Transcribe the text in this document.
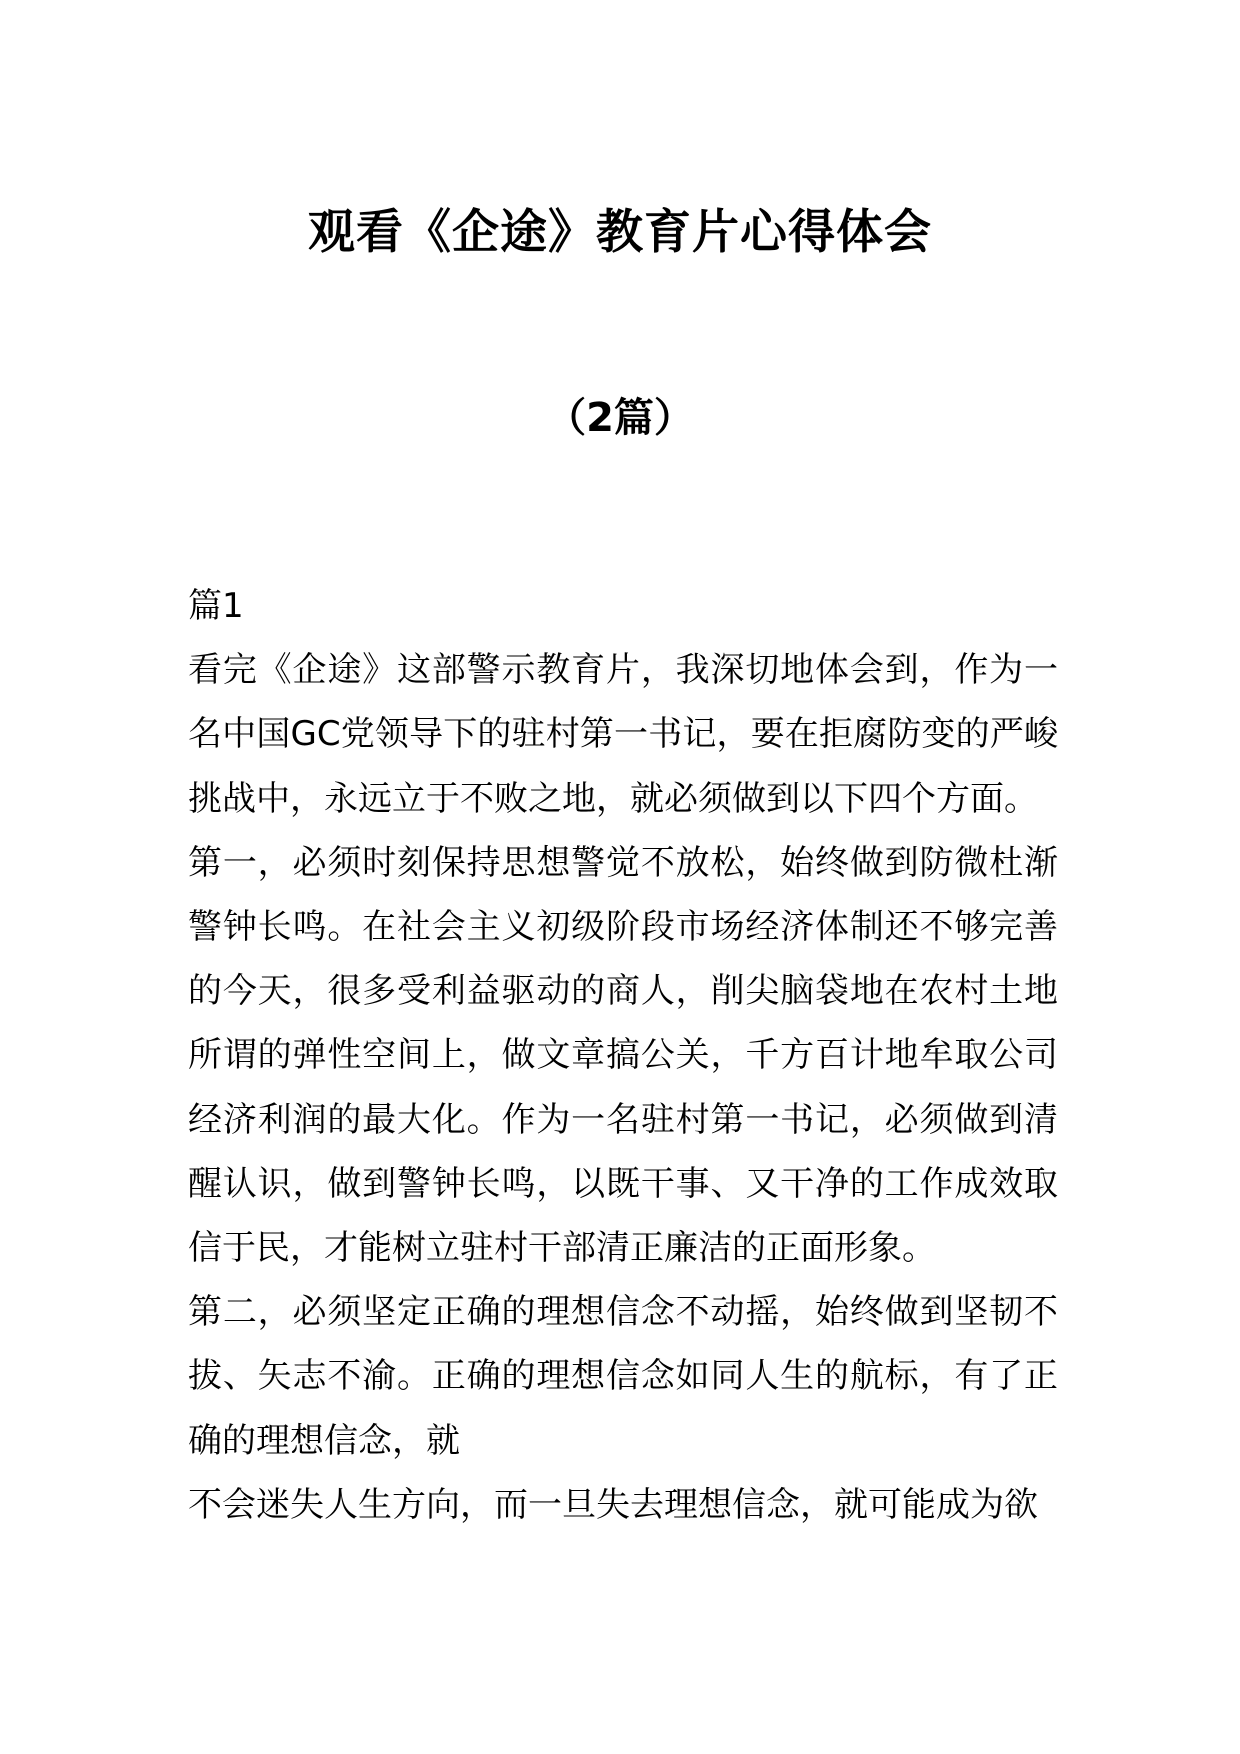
观看《企途》教育片心得体会
（2篇）

篇1

看完《企途》这部警示教育片，我深切地体会到，作为一名中国GC党领导下的驻村第一书记，要在拒腐防变的严峻挑战中，永远立于不败之地，就必须做到以下四个方面。

第一，必须时刻保持思想警觉不放松，始终做到防微杜渐警钟长鸣。在社会主义初级阶段市场经济体制还不够完善的今天，很多受利益驱动的商人，削尖脑袋地在农村土地所谓的弹性空间上，做文章搞公关，千方百计地牟取公司经济利润的最大化。作为一名驻村第一书记，必须做到清醒认识，做到警钟长鸣，以既干事、又干净的工作成效取信于民，才能树立驻村干部清正廉洁的正面形象。

第二，必须坚定正确的理想信念不动摇，始终做到坚韧不拔、矢志不渝。正确的理想信念如同人生的航标，有了正确的理想信念，就

不会迷失人生方向，而一旦失去理想信念，就可能成为欲
